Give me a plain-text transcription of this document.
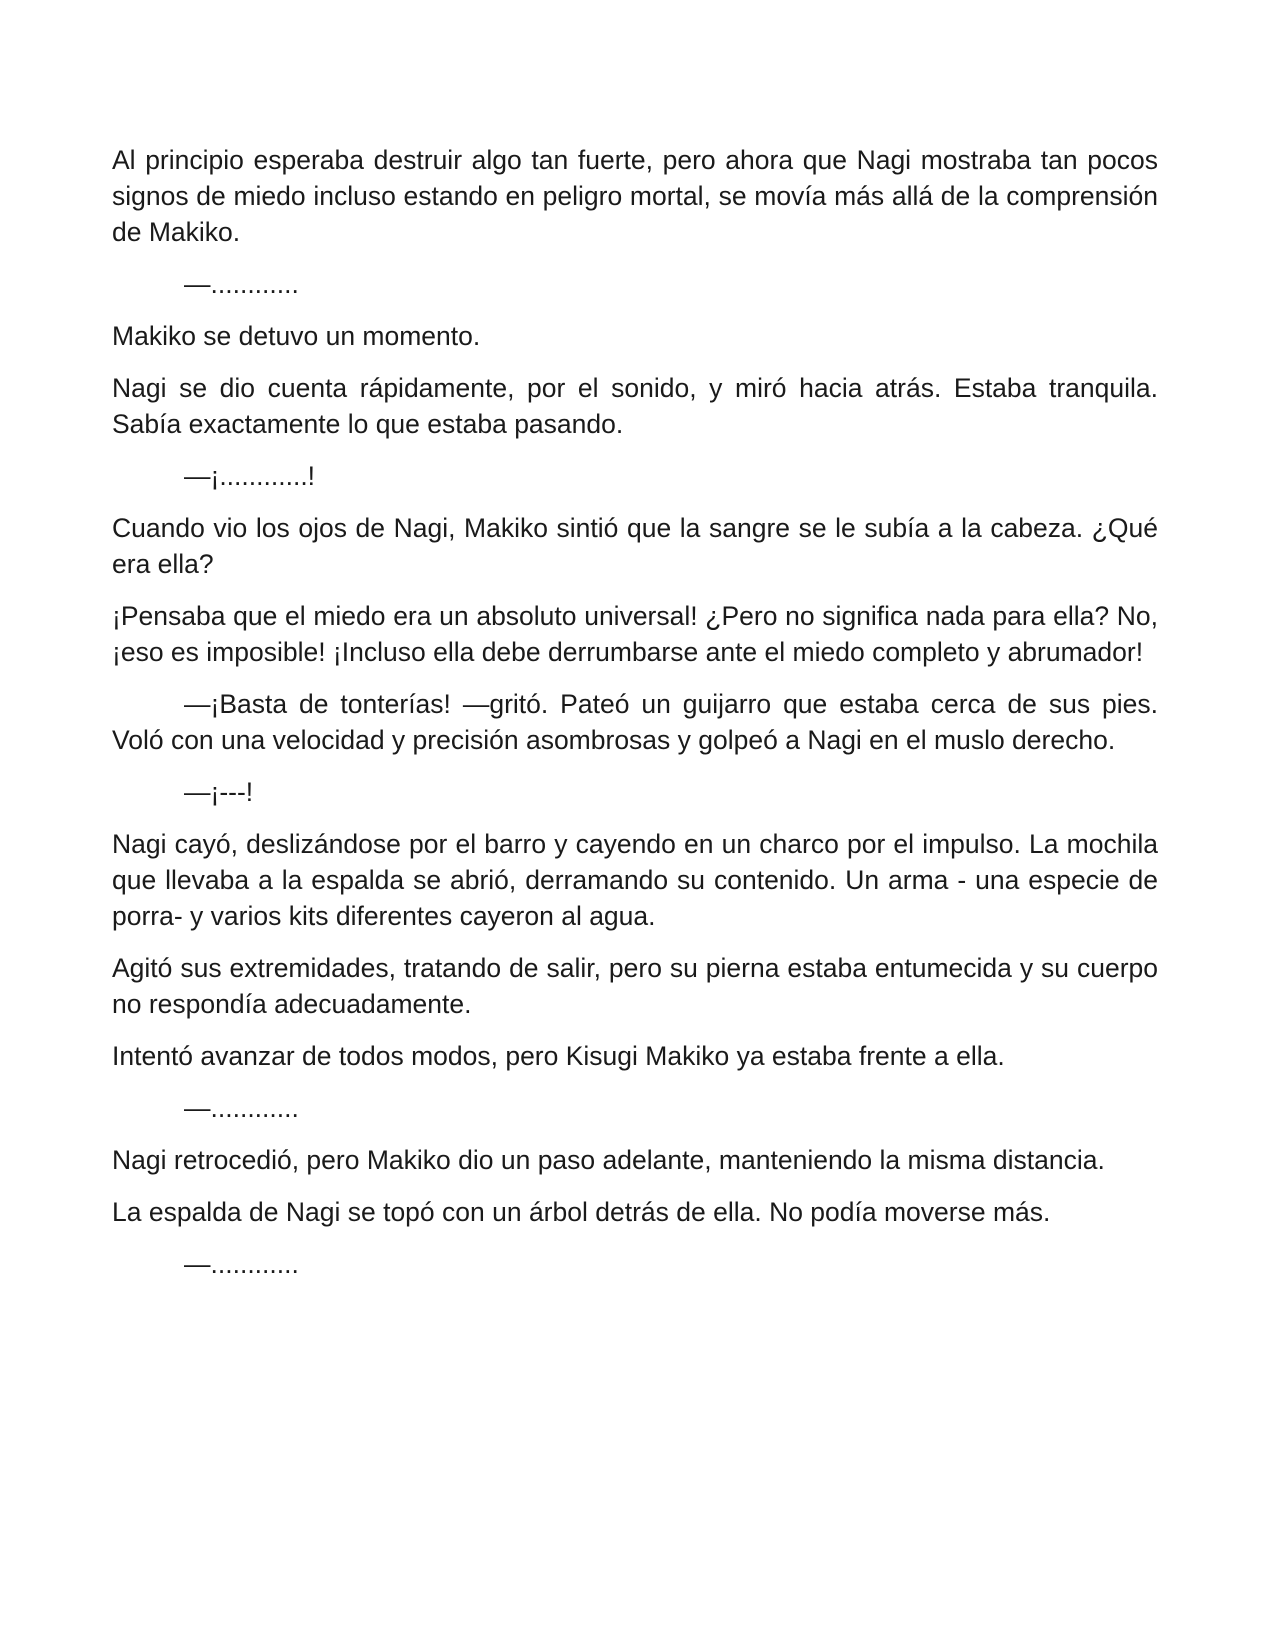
Al principio esperaba destruir algo tan fuerte, pero ahora que Nagi mostraba tan pocos signos de miedo incluso estando en peligro mortal, se movía más allá de la comprensión de Makiko.

—............

Makiko se detuvo un momento.

Nagi se dio cuenta rápidamente, por el sonido, y miró hacia atrás. Estaba tranquila. Sabía exactamente lo que estaba pasando.

—¡............!

Cuando vio los ojos de Nagi, Makiko sintió que la sangre se le subía a la cabeza. ¿Qué era ella?

¡Pensaba que el miedo era un absoluto universal! ¿Pero no significa nada para ella? No, ¡eso es imposible! ¡Incluso ella debe derrumbarse ante el miedo completo y abrumador!

—¡Basta de tonterías! —gritó. Pateó un guijarro que estaba cerca de sus pies. Voló con una velocidad y precisión asombrosas y golpeó a Nagi en el muslo derecho.

—¡---!

Nagi cayó, deslizándose por el barro y cayendo en un charco por el impulso. La mochila que llevaba a la espalda se abrió, derramando su contenido. Un arma - una especie de porra- y varios kits diferentes cayeron al agua.

Agitó sus extremidades, tratando de salir, pero su pierna estaba entumecida y su cuerpo no respondía adecuadamente.

Intentó avanzar de todos modos, pero Kisugi Makiko ya estaba frente a ella.

—............

Nagi retrocedió, pero Makiko dio un paso adelante, manteniendo la misma distancia.

La espalda de Nagi se topó con un árbol detrás de ella. No podía moverse más.

—............
